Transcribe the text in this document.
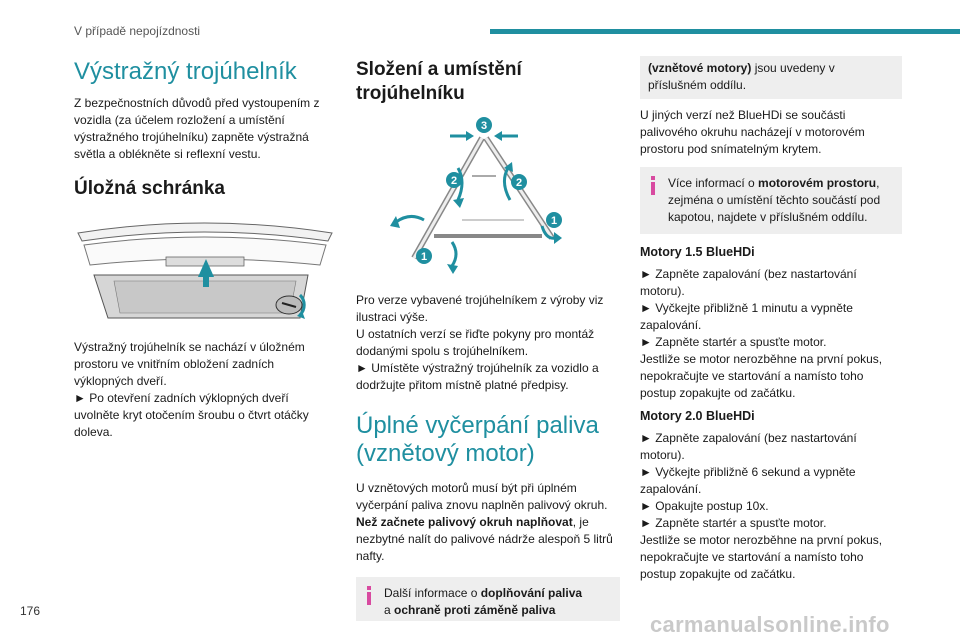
V případě nepojízdnosti
Výstražný trojúhelník
Z bezpečnostních důvodů před vystoupením z vozidla (za účelem rozložení a umístění výstražného trojúhelníku) zapněte výstražná světla a oblékněte si reflexní vestu.
Úložná schránka
Výstražný trojúhelník se nachází v úložném prostoru ve vnitřním obložení zadních výklopných dveří.
► Po otevření zadních výklopných dveří uvolněte kryt otočením šroubu o čtvrt otáčky doleva.
Složení a umístění trojúhelníku
3
2	2
1
1
Pro verze vybavené trojúhelníkem z výroby viz ilustraci výše.
U ostatních verzí se řiďte pokyny pro montáž dodanými spolu s trojúhelníkem.
► Umístěte výstražný trojúhelník za vozidlo a dodržujte přitom místně platné předpisy.
Úplné vyčerpání paliva (vznětový motor)
U vznětových motorů musí být při úplném vyčerpání paliva znovu naplněn palivový okruh. Než začnete palivový okruh naplňovat, je nezbytné nalít do palivové nádrže alespoň 5 litrů nafty.
Další informace o doplňování paliva
a ochraně proti záměně paliva
(vznětové motory) jsou uvedeny v příslušném oddílu.
U jiných verzí než BlueHDi se součásti palivového okruhu nacházejí v motorovém prostoru pod snímatelným krytem.
Více informací o motorovém prostoru, zejména o umístění těchto součástí pod kapotou, najdete v příslušném oddílu.
Motory 1.5 BlueHDi
► Zapněte zapalování (bez nastartování motoru).
► Vyčkejte přibližně 1 minutu a vypněte zapalování.
► Zapněte startér a spusťte motor.
Jestliže se motor nerozběhne na první pokus, nepokračujte ve startování a namísto toho postup zopakujte od začátku.
Motory 2.0 BlueHDi
► Zapněte zapalování (bez nastartování motoru).
► Vyčkejte přibližně 6 sekund a vypněte zapalování.
► Opakujte postup 10x.
► Zapněte startér a spusťte motor.
Jestliže se motor nerozběhne na první pokus, nepokračujte ve startování a namísto toho postup zopakujte od začátku.
176
carmanualsonline.info
